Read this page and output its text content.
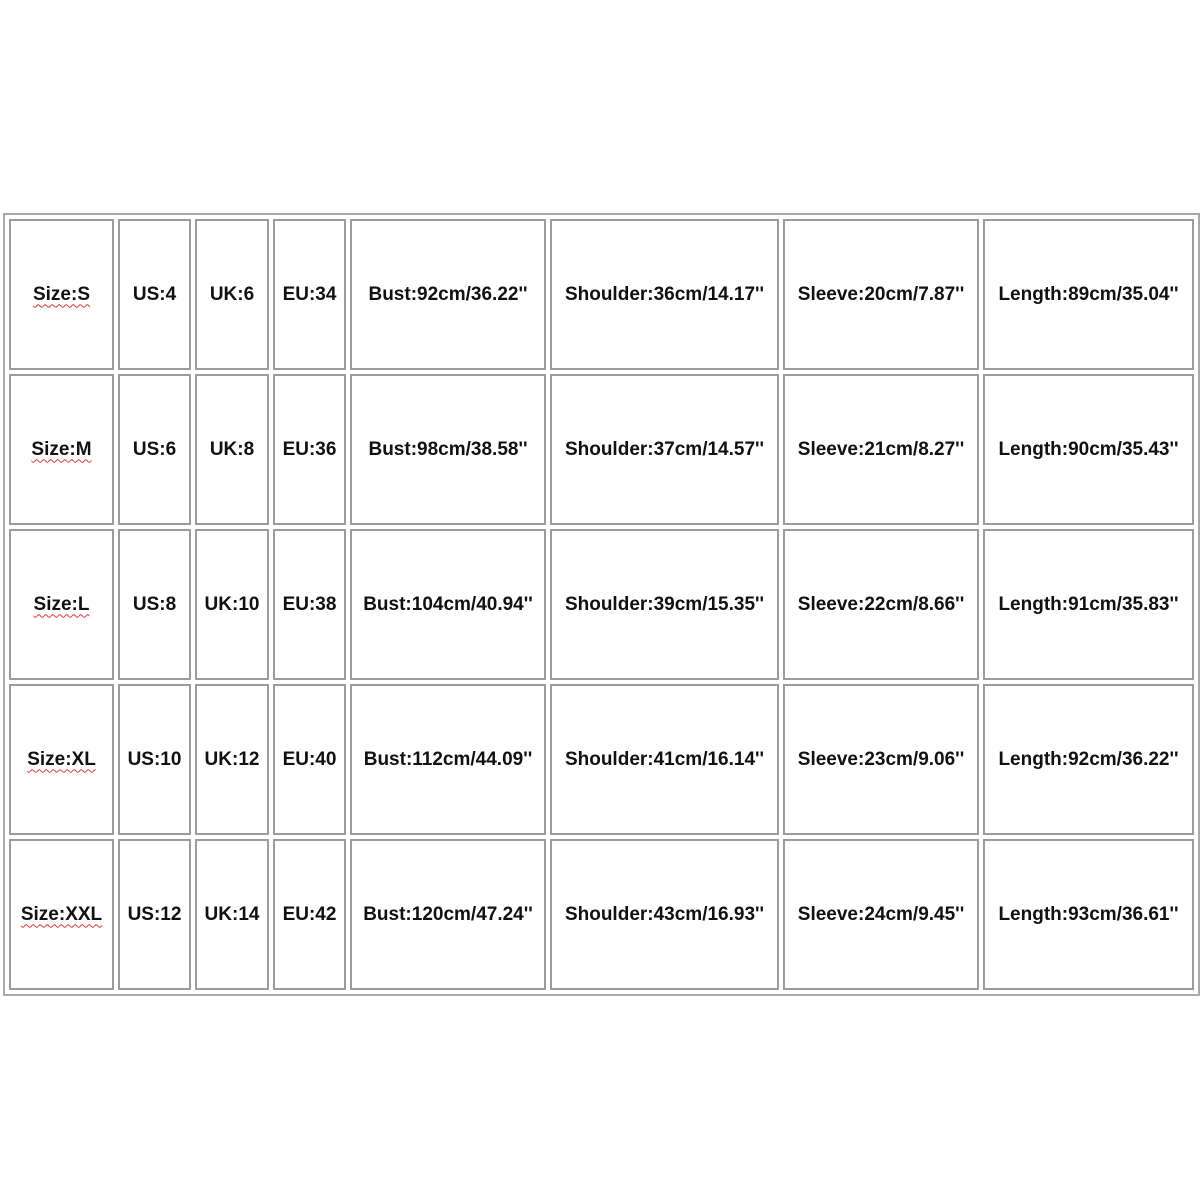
Size:S	US:4	UK:6	EU:34	Bust:92cm/36.22''	Shoulder:36cm/14.17''	Sleeve:20cm/7.87''	Length:89cm/35.04''
Size:M	US:6	UK:8	EU:36	Bust:98cm/38.58''	Shoulder:37cm/14.57''	Sleeve:21cm/8.27''	Length:90cm/35.43''
Size:L	US:8	UK:10	EU:38	Bust:104cm/40.94''	Shoulder:39cm/15.35''	Sleeve:22cm/8.66''	Length:91cm/35.83''
Size:XL	US:10	UK:12	EU:40	Bust:112cm/44.09''	Shoulder:41cm/16.14''	Sleeve:23cm/9.06''	Length:92cm/36.22''
Size:XXL	US:12	UK:14	EU:42	Bust:120cm/47.24''	Shoulder:43cm/16.93''	Sleeve:24cm/9.45''	Length:93cm/36.61''
